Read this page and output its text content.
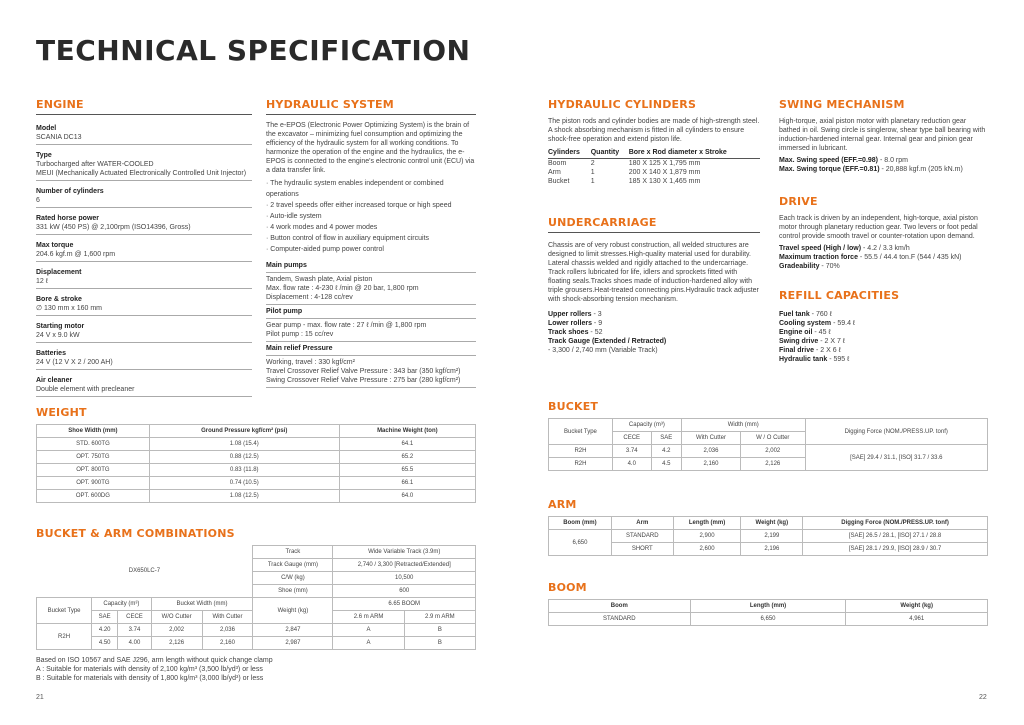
TECHNICAL SPECIFICATION
ENGINE
Model
SCANIA DC13
Type
Turbocharged after WATER-COOLED
MEUI (Mechanically Actuated Electronically Controlled Unit Injector)
Number of cylinders
6
Rated horse power
331 kW (450 PS) @ 2,100rpm (ISO14396, Gross)
Max torque
204.6 kgf.m @ 1,600 rpm
Displacement
12 ℓ
Bore & stroke
∅ 130 mm x 160 mm
Starting motor
24 V x 9.0 kW
Batteries
24 V (12 V X 2 / 200 AH)
Air cleaner
Double element with precleaner
HYDRAULIC SYSTEM
The e-EPOS (Electronic Power Optimizing System) is the brain of the excavator – minimizing fuel consumption and optimizing the efficiency of the hydraulic system for all working conditions. To harmonize the operation of the engine and the hydraulics, the e-EPOS is connected to the engine's electronic control unit (ECU) via a data transfer link.
· The hydraulic system enables independent or combined operations
· 2 travel speeds offer either increased torque or high speed
· Auto-idle system
· 4 work modes and 4 power modes
· Button control of flow in auxiliary equipment circuits
· Computer-aided pump power control
Main pumps
Tandem, Swash plate, Axial piston
Max. flow rate : 4-230 ℓ /min @ 20 bar, 1,800 rpm
Displacement : 4-128 cc/rev
Pilot pump
Gear pump - max. flow rate : 27 ℓ /min @ 1,800 rpm
Pilot pump : 15 cc/rev
Main relief Pressure
Working, travel : 330 kgf/cm²
Travel Crossover Relief Valve Pressure : 343 bar (350 kgf/cm²)
Swing Crossover Relief Valve Pressure : 275 bar (280 kgf/cm²)
HYDRAULIC CYLINDERS
The piston rods and cylinder bodies are made of high-strength steel. A shock absorbing mechanism is fitted in all cylinders to ensure shock-free operation and extend piston life.
Cylinders	Quantity	Bore x Rod diameter x Stroke
Boom	2	180 X 125 X 1,795 mm
Arm	1	200 X 140 X 1,879 mm
Bucket	1	185 X 130 X 1,465 mm
UNDERCARRIAGE
Chassis are of very robust construction, all welded structures are designed to limit stresses.High-quality material used for durability. Lateral chassis welded and rigidly attached to the undercarriage. Track rollers lubricated for life, idlers and sprockets fitted with floating seals.Tracks shoes made of induction-hardened alloy with triple grousers.Heat-treated connecting pins.Hydraulic track adjuster with shock-absorbing tension mechanism.
Upper rollers - 3
Lower rollers - 9
Track shoes - 52
Track Gauge (Extended / Retracted)
- 3,300 / 2,740 mm (Variable Track)
SWING MECHANISM
High-torque, axial piston motor with planetary reduction gear bathed in oil. Swing circle is singlerow, shear type ball bearing with induction-hardened internal gear. Internal gear and pinion gear immersed in lubricant.
Max. Swing speed (EFF.=0.98) - 8.0 rpm
Max. Swing torque (EFF.=0.81) - 20,888 kgf.m (205 kN.m)
DRIVE
Each track is driven by an independent, high-torque, axial piston motor through planetary reduction gear. Two levers or foot pedal control provide smooth travel or counter-rotation upon demand.
Travel speed (High / low) - 4.2 / 3.3 km/h
Maximum traction force - 55.5 / 44.4 ton.F (544 / 435 kN)
Gradeability - 70%
REFILL CAPACITIES
Fuel tank - 760 ℓ
Cooling system - 59.4 ℓ
Engine oil - 45 ℓ
Swing drive - 2 X 7 ℓ
Final drive - 2 X 6 ℓ
Hydraulic tank - 595 ℓ
WEIGHT
Shoe Width (mm)	Ground Pressure kgf/cm² (psi)	Machine Weight (ton)
STD. 600TG	1.08 (15.4)	64.1
OPT. 750TG	0.88 (12.5)	65.2
OPT. 800TG	0.83 (11.8)	65.5
OPT. 900TG	0.74 (10.5)	66.1
OPT. 600DG	1.08 (12.5)	64.0
BUCKET & ARM COMBINATIONS
DX650LC-7					Track	Wide Variable Track (3.9m)	
					Track Gauge (mm)	2,740 / 3,300 [Retracted/Extended]	
					C/W (kg)	10,500	
					Shoe (mm)	600	
Bucket Type	Capacity (m³)		Bucket Width (mm)		Weight (kg)	6.65 BOOM	
	SAE	CECE	W/O Cutter	With Cutter		2.6 m ARM	2.9 m ARM
R2H	4.20	3.74	2,002	2,036	2,847	A	B
	4.50	4.00	2,126	2,160	2,987	A	B
Based on ISO 10567 and SAE J296, arm length without quick change clamp
A : Suitable for materials with density of 2,100 kg/m³ (3,500 lb/yd³) or less
B : Suitable for materials with density of 1,800 kg/m³ (3,000 lb/yd³) or less
BUCKET
Bucket Type	Capacity (m³)		Width (mm)		Digging Force (NOM./PRESS.UP. tonf)
	CECE	SAE	With Cutter	W / O Cutter	
R2H	3.74	4.2	2,036	2,002	[SAE] 29.4 / 31.1, [ISO] 31.7 / 33.6
R2H	4.0	4.5	2,160	2,126	
ARM
Boom (mm)	Arm	Length (mm)	Weight (kg)	Digging Force (NOM./PRESS.UP. tonf)
6,650	STANDARD	2,900	2,199	[SAE] 26.5 / 28.1, [ISO] 27.1 / 28.8
	SHORT	2,600	2,196	[SAE] 28.1 / 29.9, [ISO] 28.9 / 30.7
BOOM
Boom	Length (mm)	Weight (kg)
STANDARD	6,650	4,961
21	22
